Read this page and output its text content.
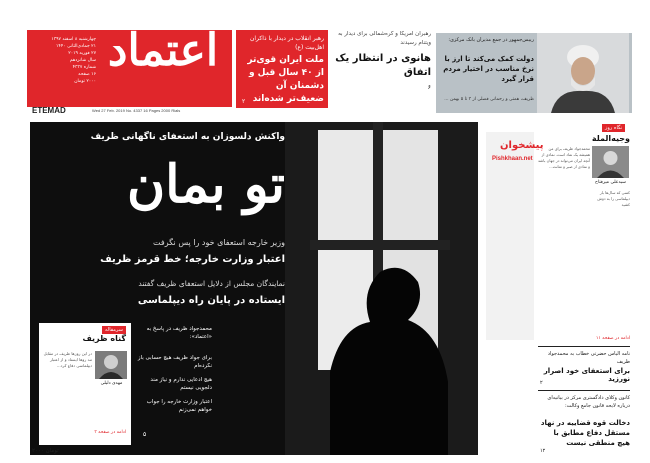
اعتماد
چهارشنبه ۸ اسفند ۱۳۹۷
۲۱ جمادی‌الثانی ۱۴۴۰
۲۷ فوریه ۲۰۱۹
سال شانزدهم
شماره ۴۳۳۷
۱۶ صفحه
۲۰۰۰ تومان
ETEMAD	Wed 27 Feb. 2019 No. 4337 16 Pages 2000 Rials
رهبر انقلاب در دیدار با ذاکران اهل‌بیت (ع)
ملت ایران قوی‌تر از ۴۰ سال قبل و دشمنان آن ضعیف‌تر شده‌اند
۲
رهبران امریکا و کره‌شمالی برای دیدار به ویتنام رسیدند
هانوی در انتظار یک اتفاق
۶
رییس‌جمهور در جمع مدیران بانک مرکزی:
دولت کمک می‌کند تا ارز با نرخ مناسب در اختیار مردم قرار گیرد
ظریف، همتی و رحمانی فضلی از ۳ تا ۵ بهمن ...
واکنش دلسوزان به استعفای ناگهانی ظریف
تو بمان
وزیر خارجه استعفای خود را پس نگرفت
اعتبار وزارت خارجه؛ خط قرمز ظریف
نمایندگان مجلس از دلایل استعفای ظریف گفتند
ایستاده در پایان راه دیپلماسی
سرمقاله
گناه ظریف
مهدی دلیلی
در این روزها ظریف در مقابل تند روها ایستاد و از اعتبار دیپلماسی دفاع کرد...
ادامه در صفحه ۳
محمدجواد ظریف در پاسخ به «اعتماد»:
برای جواد ظریف هیچ حسابی باز نکرده‌ام
هیچ ادعایی ندارم و نیاز مند دلجویی نیستم
اعتبار وزارت خارجه را جواب خواهم نمی‌زنم
۵
۲۰۰۰ تومان
پیشخوان
Pishkhaan.net
نگاه روز
وجیه‌الملة
سیدعلی میرفتاح
محمدجواد ظریف برای من همیشه یک نماد است. نمادی از آنچه ایران می‌تواند در جهان باشد و نمادی از صبر و متانت...
کسی که سال‌ها بار دیپلماسی را به دوش کشید
ادامه در صفحه ۱۱
نامه الیاس حضرتی خطاب به محمدجواد ظریف
برای استعفای خود اصرار نورزید
۲
کانون وکلای دادگستری مرکز در بیانیه‌ای درباره لایحه قانون جامع وکالت:
دخالت قوه قضاییه در نهاد مستقل دفاع مطابق با هیچ منطقی نیست
۱۲
